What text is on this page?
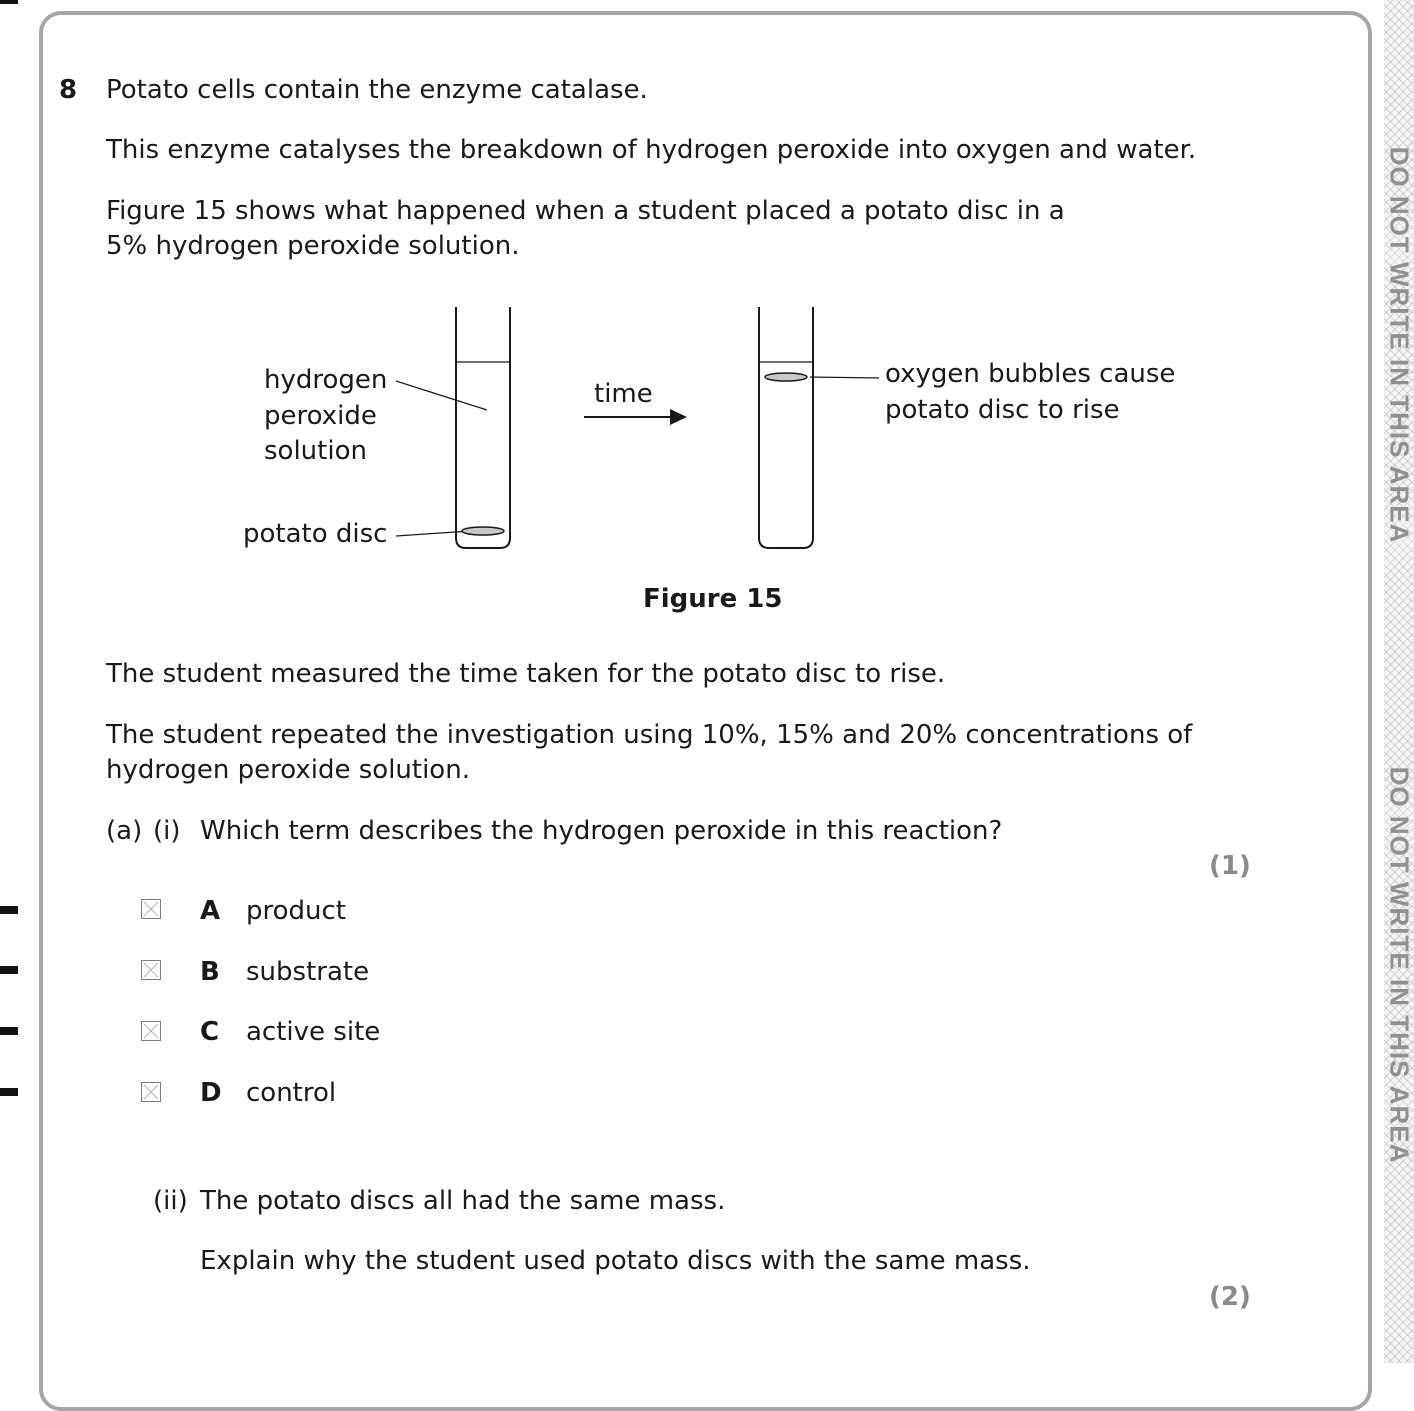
DO NOT WRITE IN THIS AREA
DO NOT WRITE IN THIS AREA
8 Potato cells contain the enzyme catalase.
This enzyme catalyses the breakdown of hydrogen peroxide into oxygen and water.
Figure 15 shows what happened when a student placed a potato disc in a
5% hydrogen peroxide solution.
hydrogen
peroxide
solution
potato disc
time
oxygen bubbles cause
potato disc to rise
Figure 15
The student measured the time taken for the potato disc to rise.
The student repeated the investigation using 10%, 15% and 20% concentrations of
hydrogen peroxide solution.
(a) (i) Which term describes the hydrogen peroxide in this reaction?
(1)
A product
B substrate
C active site
D control
(ii) The potato discs all had the same mass.
Explain why the student used potato discs with the same mass.
(2)
